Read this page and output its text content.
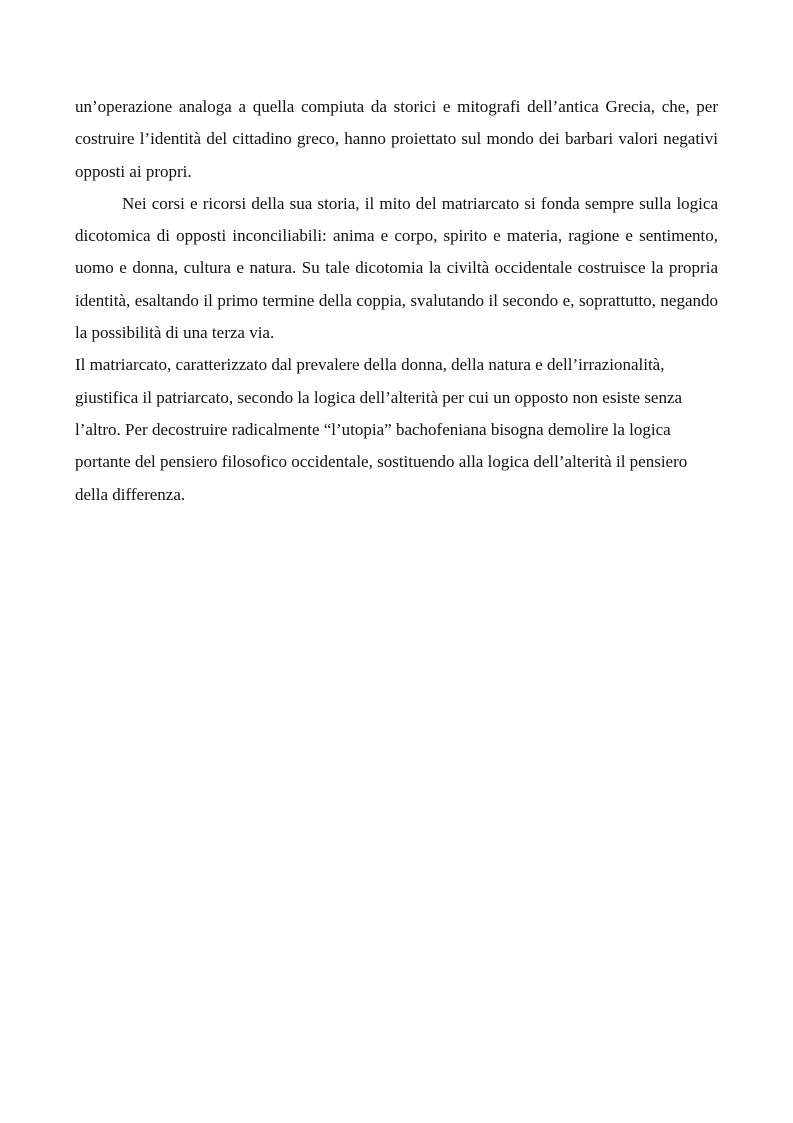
un’operazione analoga a quella compiuta da storici e mitografi dell’antica Grecia, che, per costruire l’identità del cittadino greco, hanno proiettato sul mondo dei barbari valori negativi opposti ai propri.

Nei corsi e ricorsi della sua storia, il mito del matriarcato si fonda sempre sulla logica dicotomica di opposti inconciliabili: anima e corpo, spirito e materia, ragione e sentimento, uomo e donna, cultura e natura. Su tale dicotomia la civiltà occidentale costruisce la propria identità, esaltando il primo termine della coppia, svalutando il secondo e, soprattutto, negando la possibilità di una terza via.

Il matriarcato, caratterizzato dal prevalere della donna, della natura e dell’irrazionalità, giustifica il patriarcato, secondo la logica dell’alterità per cui un opposto non esiste senza l’altro. Per decostruire radicalmente “l’utopia” bachofeniana bisogna demolire la logica portante del pensiero filosofico occidentale, sostituendo alla logica dell’alterità il pensiero della differenza.
